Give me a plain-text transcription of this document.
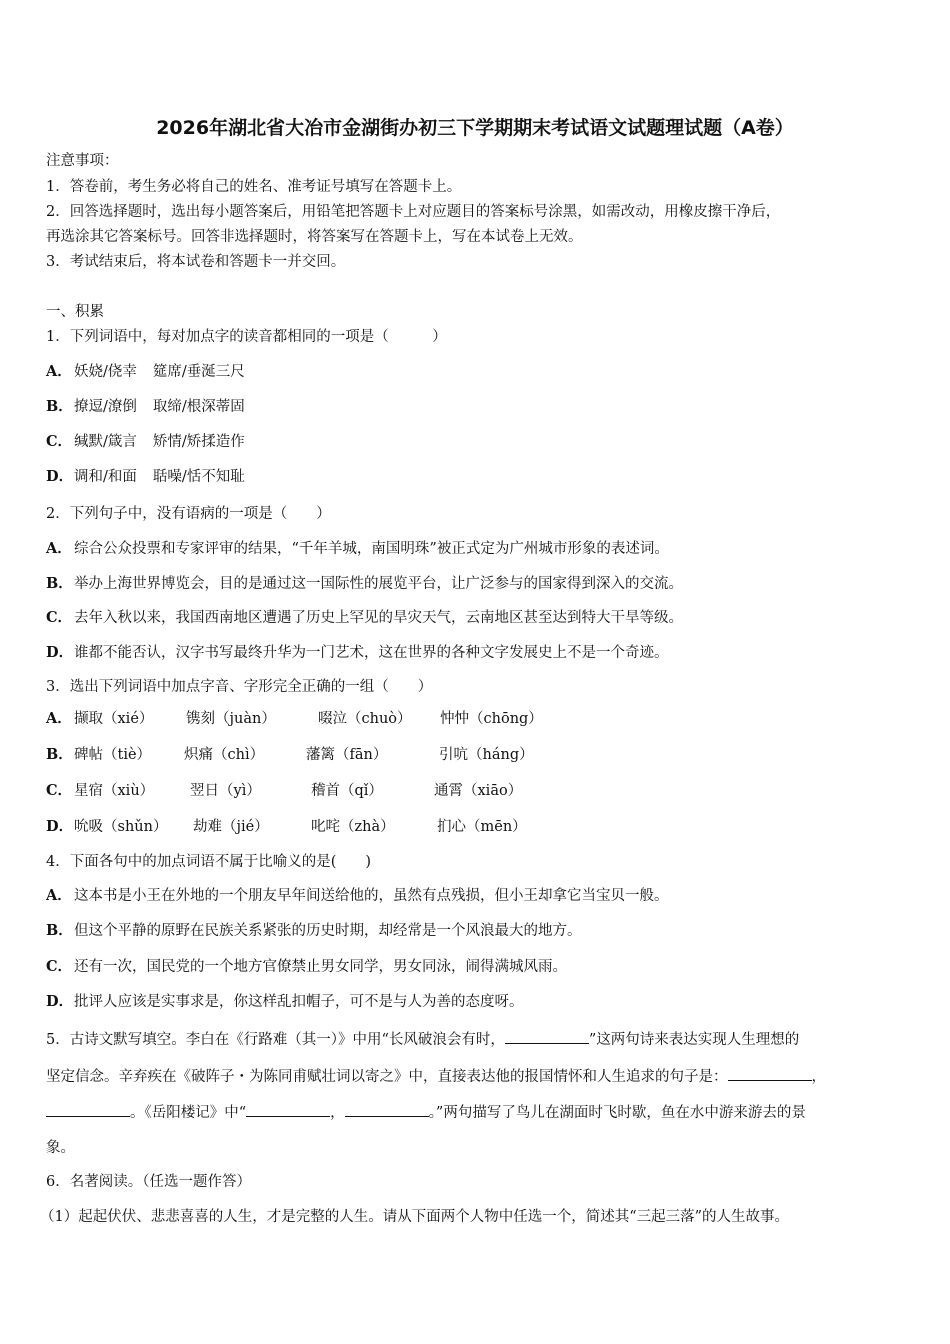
2026年湖北省大冶市金湖街办初三下学期期末考试语文试题理试题（A卷）
注意事项：
1．答卷前，考生务必将自己的姓名、准考证号填写在答题卡上。
2．回答选择题时，选出每小题答案后，用铅笔把答题卡上对应题目的答案标号涂黑，如需改动，用橡皮擦干净后，
再选涂其它答案标号。回答非选择题时，将答案写在答题卡上，写在本试卷上无效。
3．考试结束后，将本试卷和答题卡一并交回。
一、积累
1．下列词语中，每对加点字的读音都相同的一项是（　　　）
A． 妖娆/侥幸 筵席/垂涎三尺
B．撩逗/潦倒 取缔/根深蒂固
C． 缄默/箴言 矫情/矫揉造作
D．调和/和面 聒噪/恬不知耻
2．下列句子中，没有语病的一项是（　　）
A． 综合公众投票和专家评审的结果，“千年羊城，南国明珠”被正式定为广州城市形象的表述词。
B．举办上海世界博览会，目的是通过这一国际性的展览平台，让广泛参与的国家得到深入的交流。
C． 去年入秋以来，我国西南地区遭遇了历史上罕见的旱灾天气，云南地区甚至达到特大干旱等级。
D．谁都不能否认，汉字书写最终升华为一门艺术，这在世界的各种文字发展史上不是一个奇迹。
3．选出下列词语中加点字音、字形完全正确的一组（　　）
A． 撷取（xié） 镌刻（juàn）	啜泣（chuò） 忡忡（chōng）
B．碑帖（tiè） 炽痛（chì）	藩篱（fān）	引吭（háng）
C． 星宿（xiù） 翌日（yì）	稽首（qǐ）	通霄（xiāo）
D．吮吸（shǔn） 劫难（jié）	叱咤（zhà）	扪心（mēn）
4．下面各句中的加点词语不属于比喻义的是(　　)
A． 这本书是小王在外地的一个朋友早年间送给他的，虽然有点残损，但小王却拿它当宝贝一般。
B．但这个平静的原野在民族关系紧张的历史时期，却经常是一个风浪最大的地方。
C． 还有一次，国民党的一个地方官僚禁止男女同学，男女同泳，闹得满城风雨。
D．批评人应该是实事求是，你这样乱扣帽子，可不是与人为善的态度呀。
5．古诗文默写填空。李白在《行路难（其一）》中用“长风破浪会有时，	”这两句诗来表达实现人生理想的
坚定信念。辛弃疾在《破阵子・为陈同甫赋壮词以寄之》中，直接表达他的报国情怀和人生追求的句子是：	，
。《岳阳楼记》中“	，	。”两句描写了鸟儿在湖面时飞时歇，鱼在水中游来游去的景
象。
6．名著阅读。（任选一题作答）
（1）起起伏伏、悲悲喜喜的人生，才是完整的人生。请从下面两个人物中任选一个，简述其“三起三落”的人生故事。
